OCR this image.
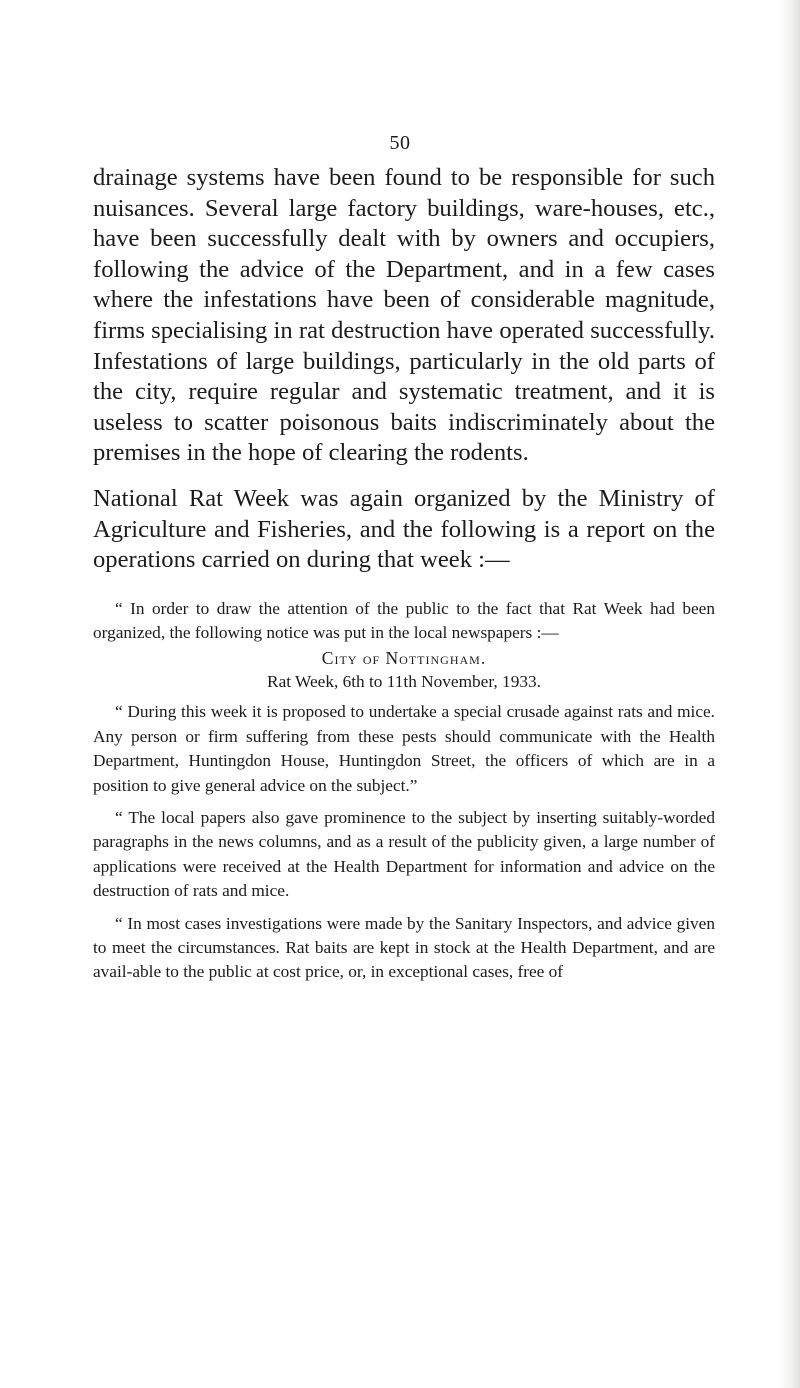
50

drainage systems have been found to be responsible for such nuisances. Several large factory buildings, ware-houses, etc., have been successfully dealt with by owners and occupiers, following the advice of the Department, and in a few cases where the infestations have been of considerable magnitude, firms specialising in rat destruction have operated successfully. Infestations of large buildings, particularly in the old parts of the city, require regular and systematic treatment, and it is useless to scatter poisonous baits indiscriminately about the premises in the hope of clearing the rodents.

National Rat Week was again organized by the Ministry of Agriculture and Fisheries, and the following is a report on the operations carried on during that week :—

“ In order to draw the attention of the public to the fact that Rat Week had been organized, the following notice was put in the local newspapers :—

City of Nottingham.

Rat Week, 6th to 11th November, 1933.

“ During this week it is proposed to undertake a special crusade against rats and mice. Any person or firm suffering from these pests should communicate with the Health Department, Huntingdon House, Huntingdon Street, the officers of which are in a position to give general advice on the subject.”

“ The local papers also gave prominence to the subject by inserting suitably-worded paragraphs in the news columns, and as a result of the publicity given, a large number of applications were received at the Health Department for information and advice on the destruction of rats and mice.

“ In most cases investigations were made by the Sanitary Inspectors, and advice given to meet the circumstances. Rat baits are kept in stock at the Health Department, and are avail-able to the public at cost price, or, in exceptional cases, free of
